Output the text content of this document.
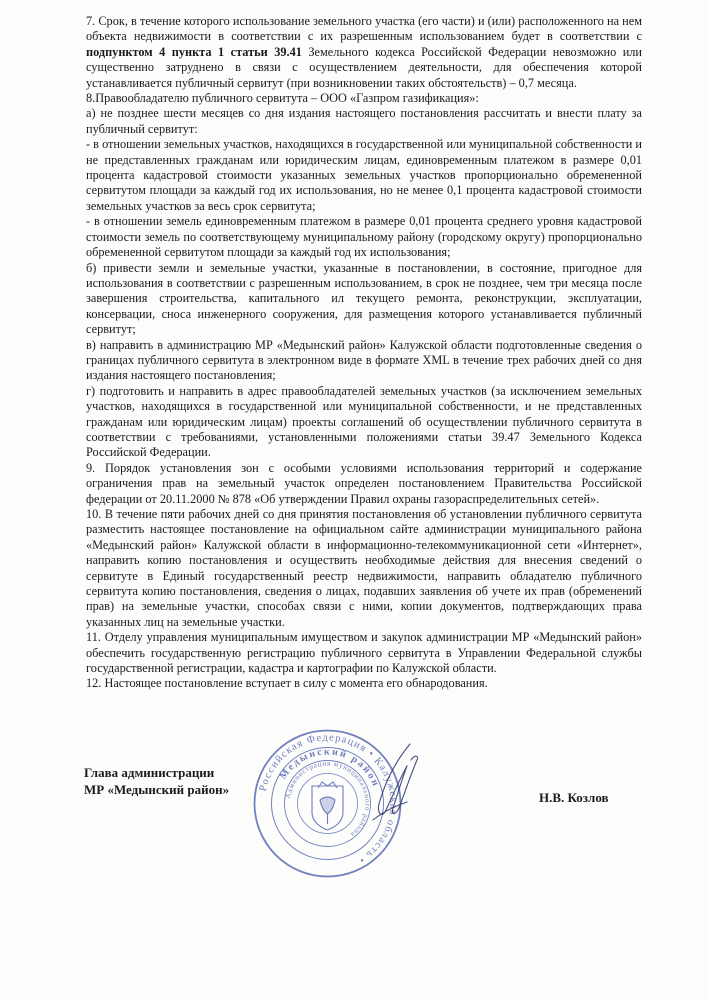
7. Срок, в течение которого использование земельного участка (его части) и (или) расположенного на нем объекта недвижимости в соответствии с их разрешенным использованием будет в соответствии с подпунктом 4 пункта 1 статьи 39.41 Земельного кодекса Российской Федерации невозможно или существенно затруднено в связи с осуществлением деятельности, для обеспечения которой устанавливается публичный сервитут (при возникновении таких обстоятельств) – 0,7 месяца.

8.Правообладателю публичного сервитута – ООО «Газпром газификация»:

а) не позднее шести месяцев со дня издания настоящего постановления рассчитать и внести плату за публичный сервитут:

- в отношении земельных участков, находящихся в государственной или муниципальной собственности и не представленных гражданам или юридическим лицам, единовременным платежом в размере 0,01 процента кадастровой стоимости указанных земельных участков пропорционально обремененной сервитутом площади за каждый год их использования, но не менее 0,1 процента кадастровой стоимости земельных участков за весь срок сервитута;

- в отношении земель единовременным платежом в размере 0,01 процента среднего уровня кадастровой стоимости земель по соответствующему муниципальному району (городскому округу) пропорционально обремененной сервитутом площади за каждый год их использования;

б) привести земли и земельные участки, указанные в постановлении, в состояние, пригодное для использования в соответствии с разрешенным использованием, в срок не позднее, чем три месяца после завершения строительства, капитального ил текущего ремонта, реконструкции, эксплуатации, консервации, сноса инженерного сооружения, для размещения которого устанавливается публичный сервитут;

в) направить в администрацию МР «Медынский район» Калужской области подготовленные сведения о границах публичного сервитута в электронном виде в формате XML в течение трех рабочих дней со дня издания настоящего постановления;

г) подготовить и направить в адрес правообладателей земельных участков (за исключением земельных участков, находящихся в государственной или муниципальной собственности, и не представленных гражданам или юридическим лицам) проекты соглашений об осуществлении публичного сервитута в соответствии с требованиями, установленными положениями статьи 39.47 Земельного Кодекса Российской Федерации.

9. Порядок установления зон с особыми условиями использования территорий и содержание ограничения прав на земельный участок определен постановлением Правительства Российской федерации от 20.11.2000 № 878 «Об утверждении Правил охраны газораспределительных сетей».

10. В течение пяти рабочих дней со дня принятия постановления об установлении публичного сервитута разместить настоящее постановление на официальном сайте администрации муниципального района «Медынский район» Калужской области в информационно-телекоммуникационной сети «Интернет», направить копию постановления и осуществить необходимые действия для внесения сведений о сервитуте в Единый государственный реестр недвижимости, направить обладателю публичного сервитута копию постановления, сведения о лицах, подавших заявления об учете их прав (обременений прав) на земельные участки, способах связи с ними, копии документов, подтверждающих права указанных лиц на земельные участки.

11. Отделу управления муниципальным имуществом и закупок администрации МР «Медынский район» обеспечить государственную регистрацию публичного сервитута в Управлении Федеральной службы государственной регистрации, кадастра и картографии по Калужской области.

12. Настоящее постановление вступает в силу с момента его обнародования.

Глава администрации
МР «Медынский район»	Российская Федерация • Калужская область •
Медынский район
Администрация муниципального района
Н.В. Козлов
